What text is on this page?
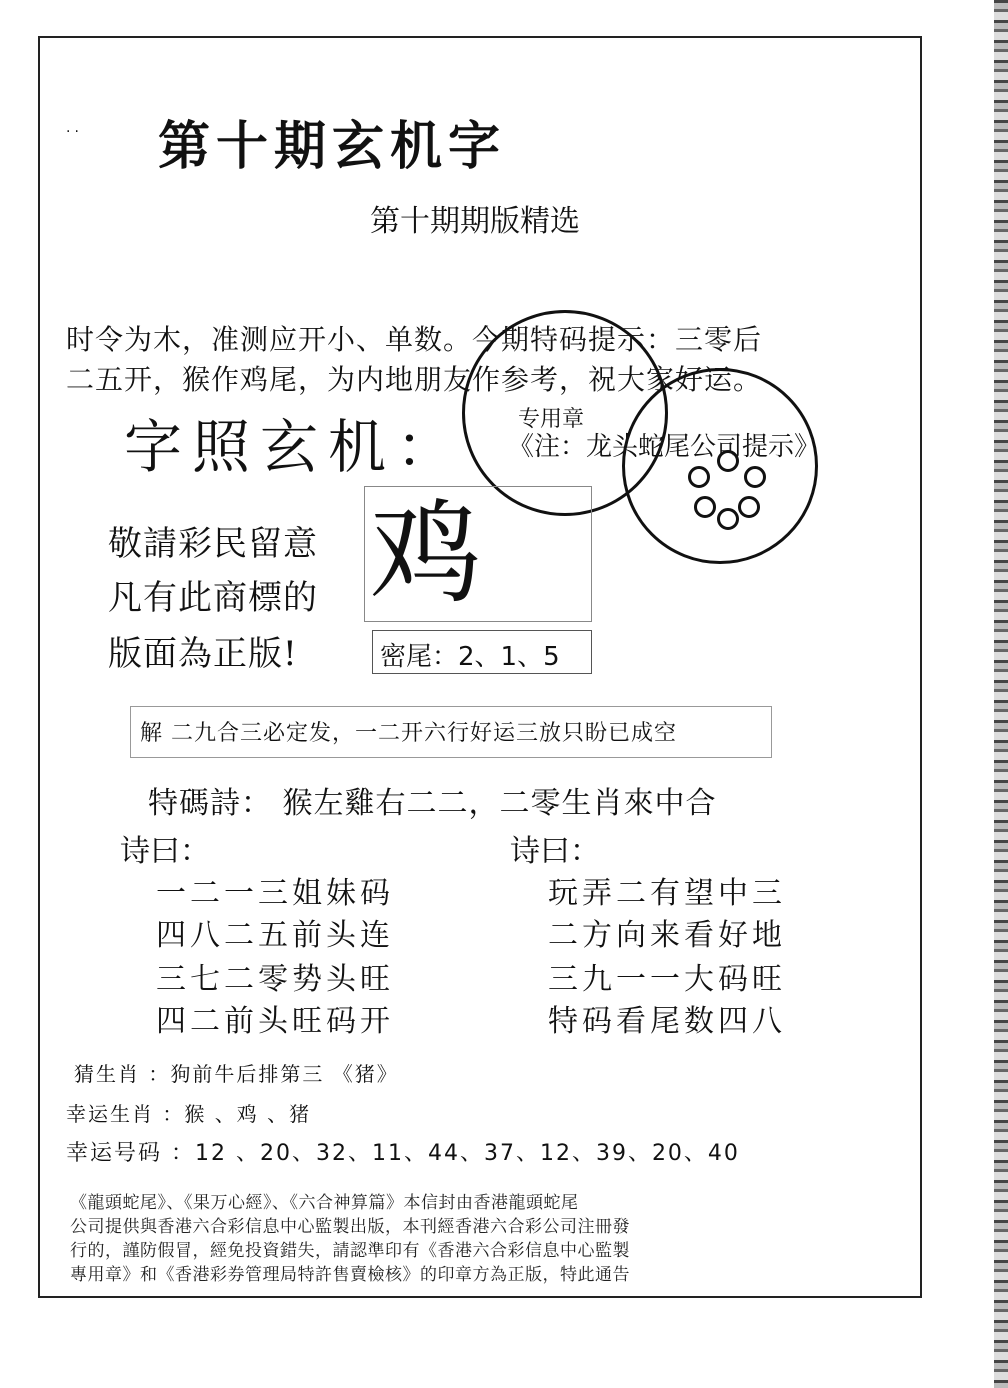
.. 第十期玄机字
第十期期版精选
时令为木，准测应开小、单数。今期特码提示：三零后
二五开，猴作鸡尾，为内地朋友作参考，祝大家好运。
专用章
字照玄机： 《注：龙头蛇尾公司提示》
敬請彩民留意
凡有此商標的
版面為正版!
鸡
密尾：2、1、5
解 二九合三必定发，一二开六行好运三放只盼已成空
特碼詩： 猴左雞右二二，二零生肖來中合
诗曰：	诗曰：
一二一三姐妹码
四八二五前头连
三七二零势头旺
四二前头旺码开
玩弄二有望中三
二方向来看好地
三九一一大码旺
特码看尾数四八
猜生肖 ：狗前牛后排第三 《猪》
幸运生肖 ：猴 、鸡 、猪
幸运号码 ：12 、20、32、11、44、37、12、39、20、40
《龍頭蛇尾》、《果万心經》、《六合神算篇》本信封由香港龍頭蛇尾
公司提供與香港六合彩信息中心監製出版，本刊經香港六合彩公司注冊發
行的，謹防假冒，經免投資錯失，請認準印有《香港六合彩信息中心監製
專用章》和《香港彩券管理局特許售賣檢核》的印章方為正版，特此通告
